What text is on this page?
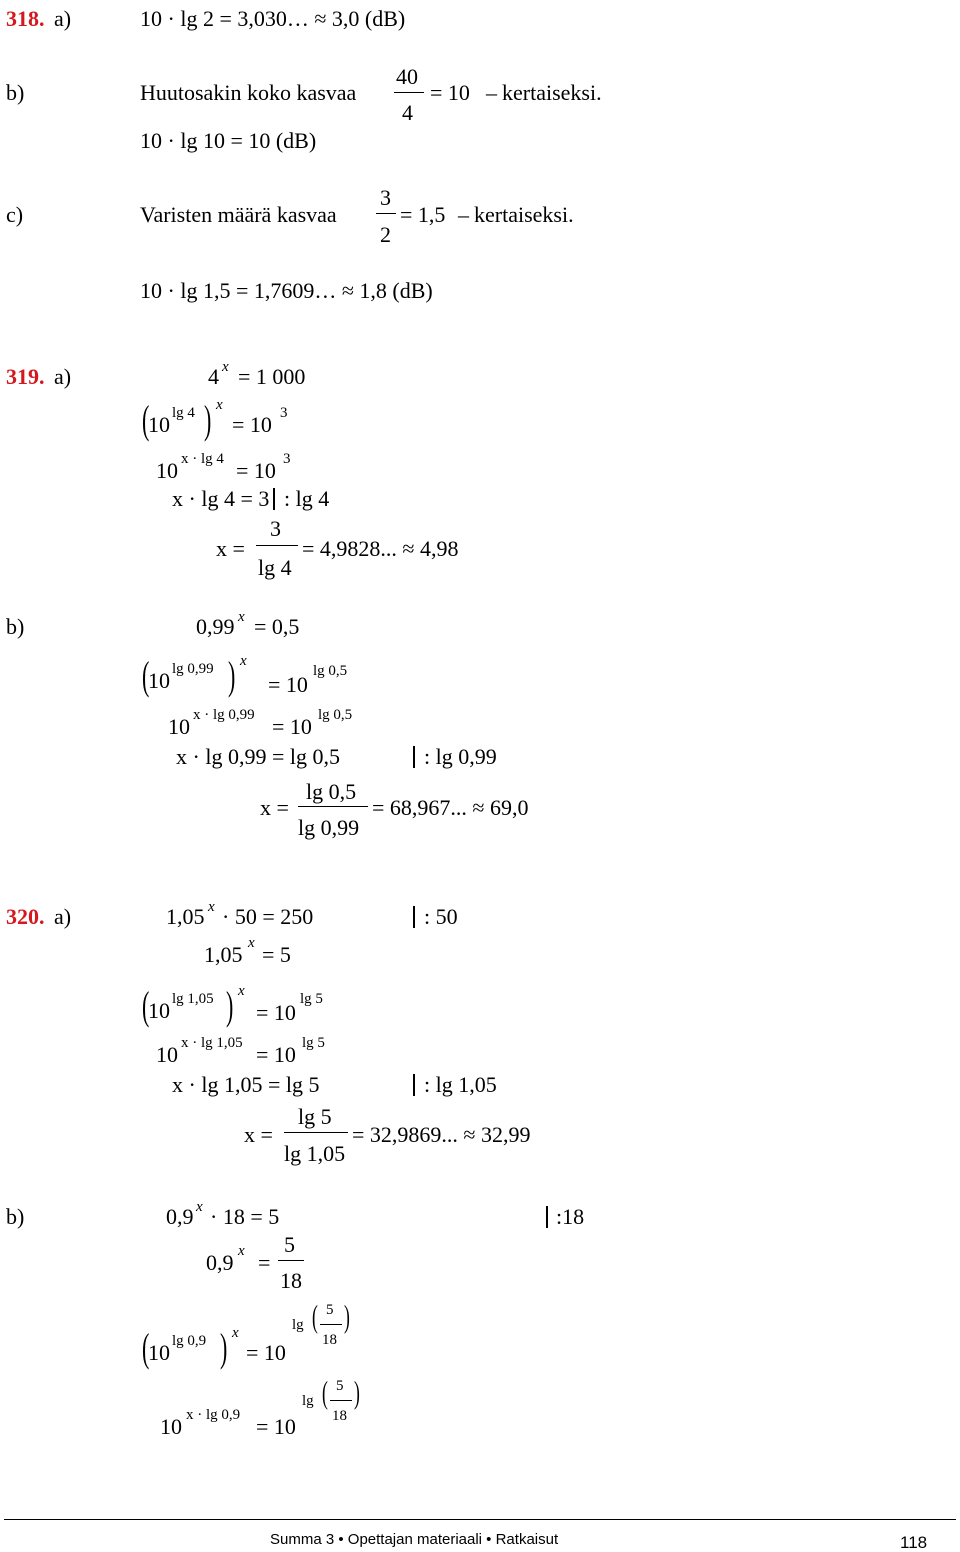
318. a)	10 · lg 2 = 3,030… ≈ 3,0 (dB)
b)	Huutosakin koko kasvaa
40
4
= 10 – kertaiseksi.
10 · lg 10 = 10 (dB)
c)	Varisten määrä kasvaa
3
2
= 1,5 – kertaiseksi.
10 · lg 1,5 = 1,7609… ≈ 1,8 (dB)
319. a)	4 x = 1 000
(
10 lg 4 ) x
= 10 3
10 x · lg 4 = 10 3
x · lg 4 = 3 : lg 4
x =
3
lg 4
= 4,9828... ≈ 4,98
b)	0,99 x = 0,5
(
10 lg 0,99 ) x
= 10
lg 0,5
10 x · lg 0,99 = 10 lg 0,5
x · lg 0,99 = lg 0,5	: lg 0,99
x =
lg 0,5
lg 0,99
= 68,967... ≈ 69,0
320. a)	1,05 x · 50 = 250	: 50
1,05 x = 5
(
10 lg 1,05 ) x
= 10
lg 5
10 x · lg 1,05 = 10 lg 5
x · lg 1,05 = lg 5	: lg 1,05
x =
lg 5
lg 1,05
= 32,9869... ≈ 32,99
b)	0,9 x · 18 = 5	:18
0,9 x =
5
18
(
10 lg 0,9 ) x
= 10
lg ( 5
18
)
10 x · lg 0,9 = 10
lg ( 5
18
)
Summa 3 • Opettajan materiaali • Ratkaisut	118
